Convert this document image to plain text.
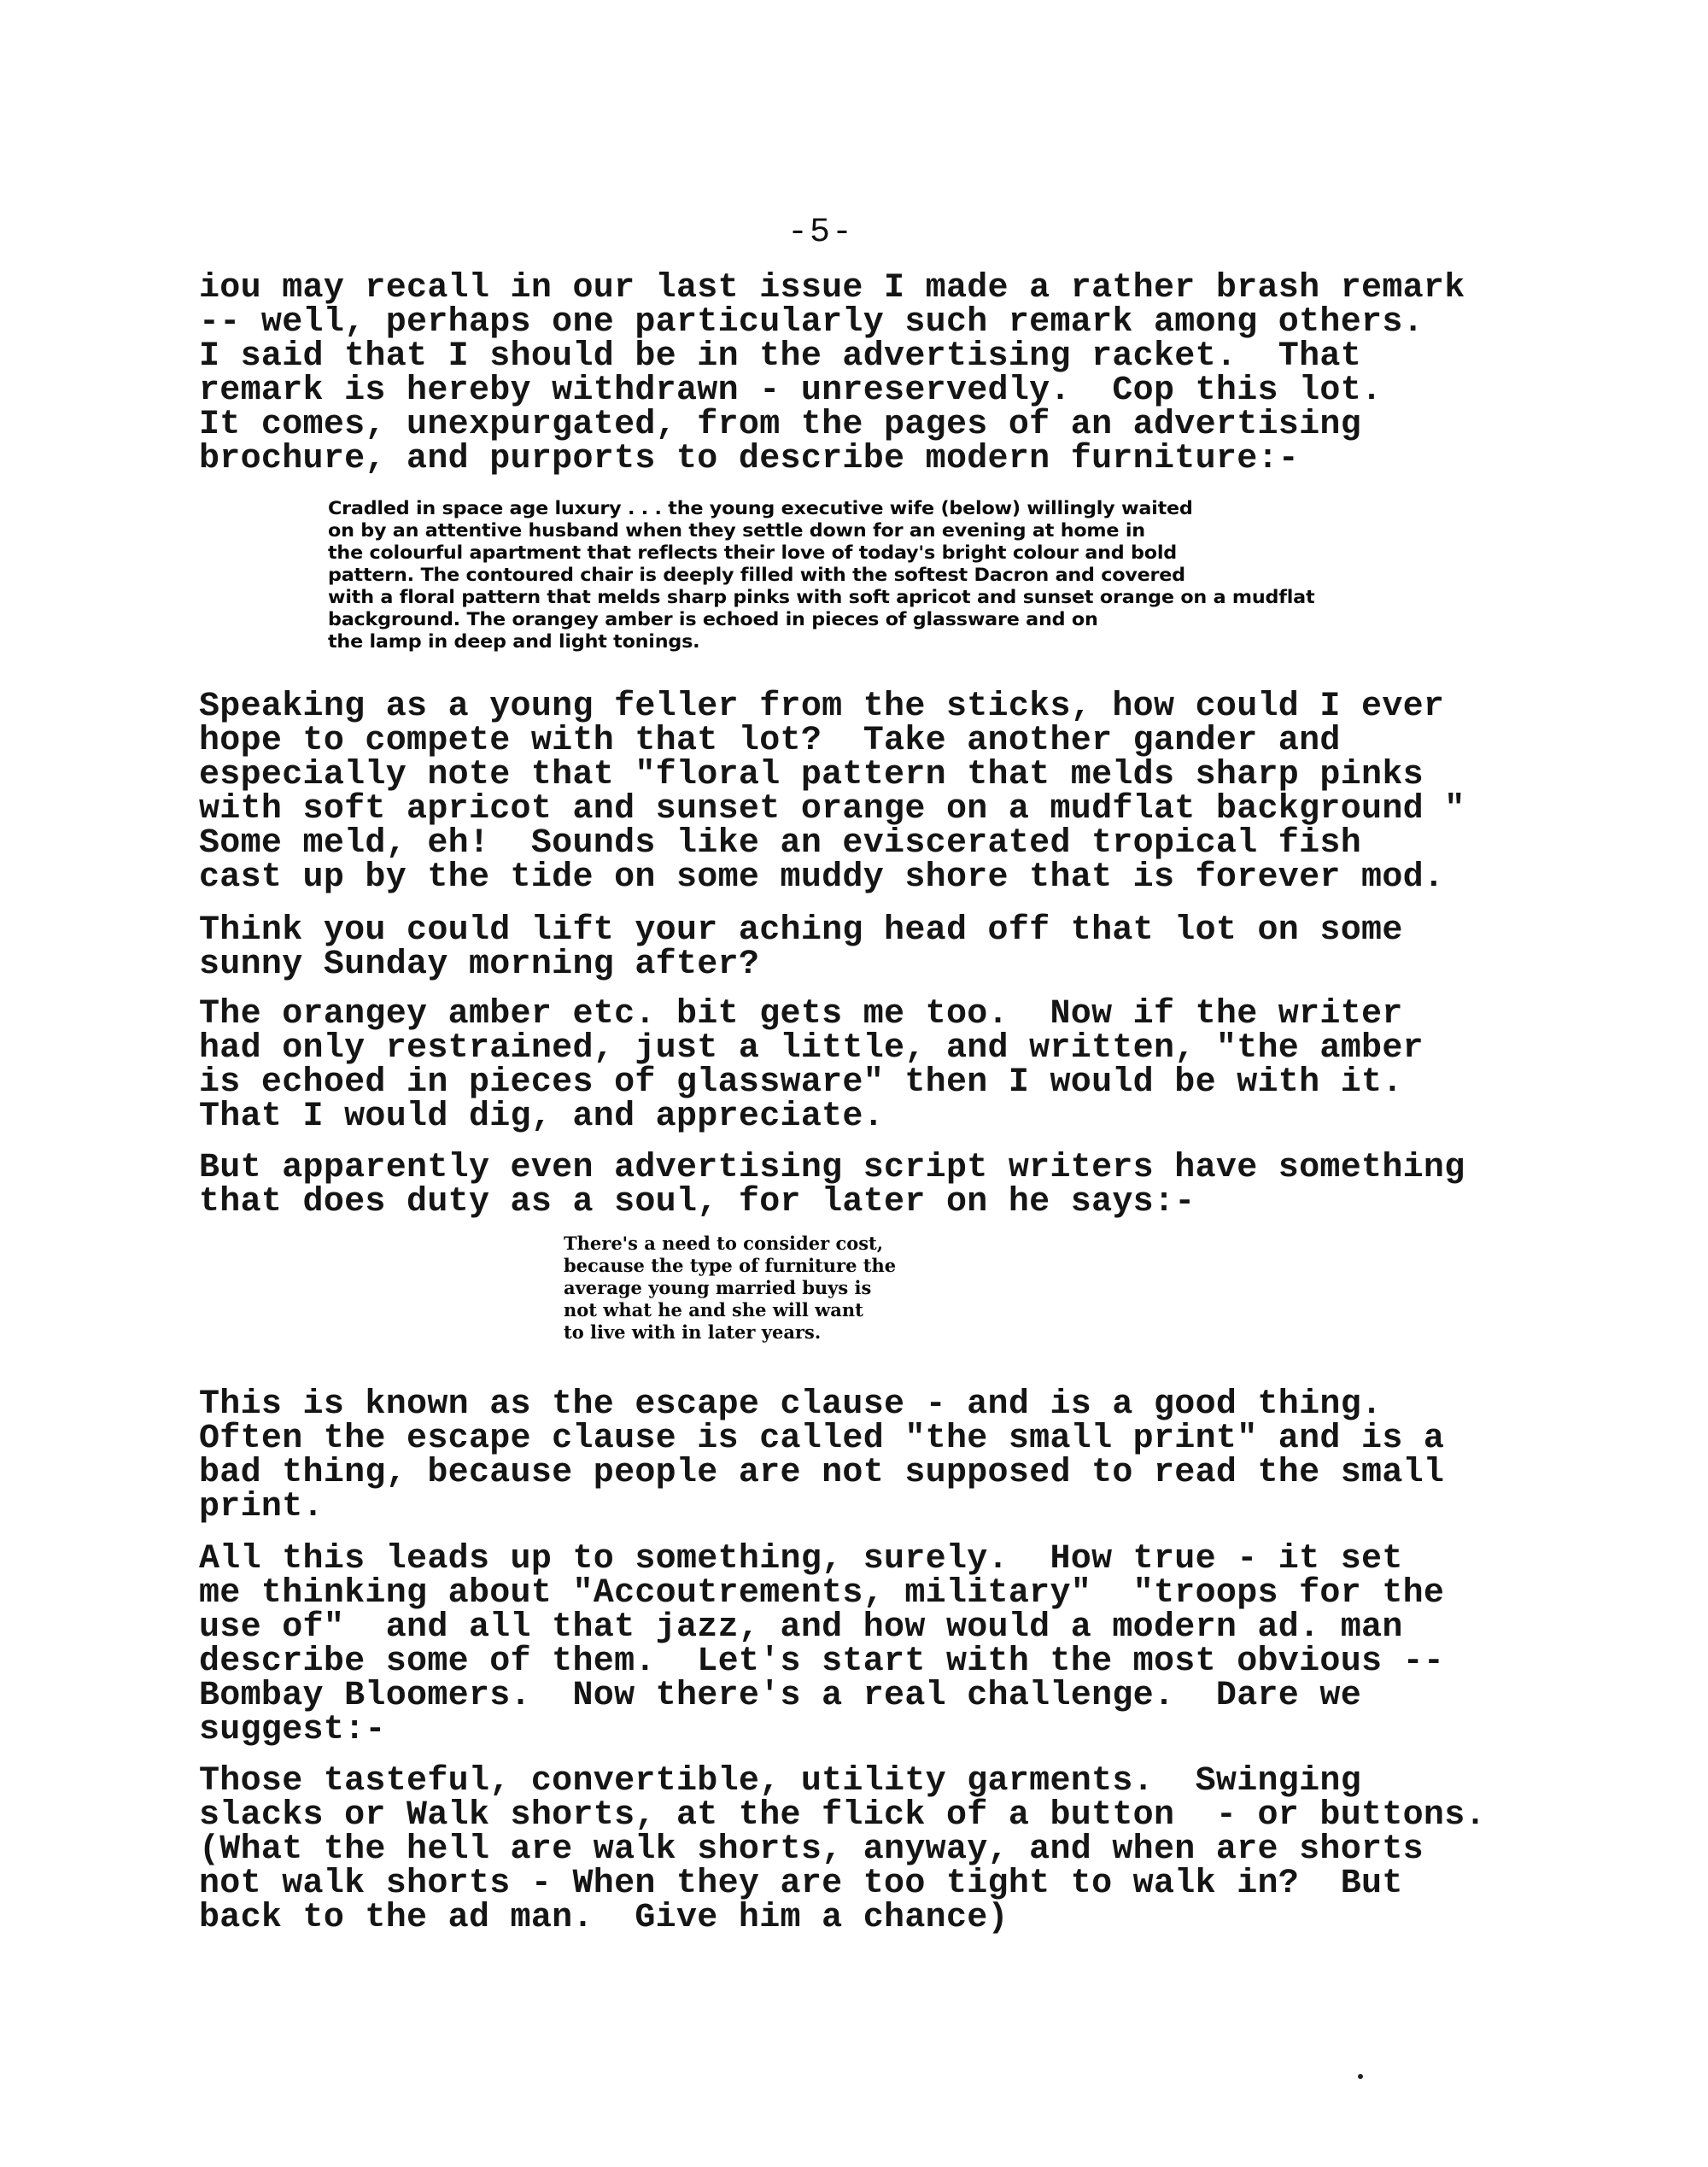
-5-
iou may recall in our last issue I made a rather brash remark
-- well, perhaps one particularly such remark among others.
I said that I should be in the advertising racket.  That
remark is hereby withdrawn - unreservedly.  Cop this lot.
It comes, unexpurgated, from the pages of an advertising
brochure, and purports to describe modern furniture:-
Cradled in space age luxury . . . the young executive wife (below) willingly waited
on by an attentive husband when they settle down for an evening at home in
the colourful apartment that reflects their love of today's bright colour and bold
pattern. The contoured chair is deeply filled with the softest Dacron and covered
with a floral pattern that melds sharp pinks with soft apricot and sunset orange on a mudflat
background. The orangey amber is echoed in pieces of glassware and on
the lamp in deep and light tonings.
Speaking as a young feller from the sticks, how could I ever
hope to compete with that lot?  Take another gander and
especially note that "floral pattern that melds sharp pinks
with soft apricot and sunset orange on a mudflat background "
Some meld, eh!  Sounds like an eviscerated tropical fish
cast up by the tide on some muddy shore that is forever mod.
Think you could lift your aching head off that lot on some
sunny Sunday morning after?
The orangey amber etc. bit gets me too.  Now if the writer
had only restrained, just a little, and written, "the amber
is echoed in pieces of glassware" then I would be with it.
That I would dig, and appreciate.
But apparently even advertising script writers have something
that does duty as a soul, for later on he says:-
There's a need to consider cost,
because the type of furniture the
average young married buys is
not what he and she will want
to live with in later years.
This is known as the escape clause - and is a good thing.
Often the escape clause is called "the small print" and is a
bad thing, because people are not supposed to read the small
print.
All this leads up to something, surely.  How true - it set
me thinking about "Accoutrements, military"  "troops for the
use of"  and all that jazz, and how would a modern ad. man
describe some of them.  Let's start with the most obvious --
Bombay Bloomers.  Now there's a real challenge.  Dare we
suggest:-
Those tasteful, convertible, utility garments.  Swinging
slacks or Walk shorts, at the flick of a button  - or buttons.
(What the hell are walk shorts, anyway, and when are shorts
not walk shorts - When they are too tight to walk in?  But
back to the ad man.  Give him a chance)
